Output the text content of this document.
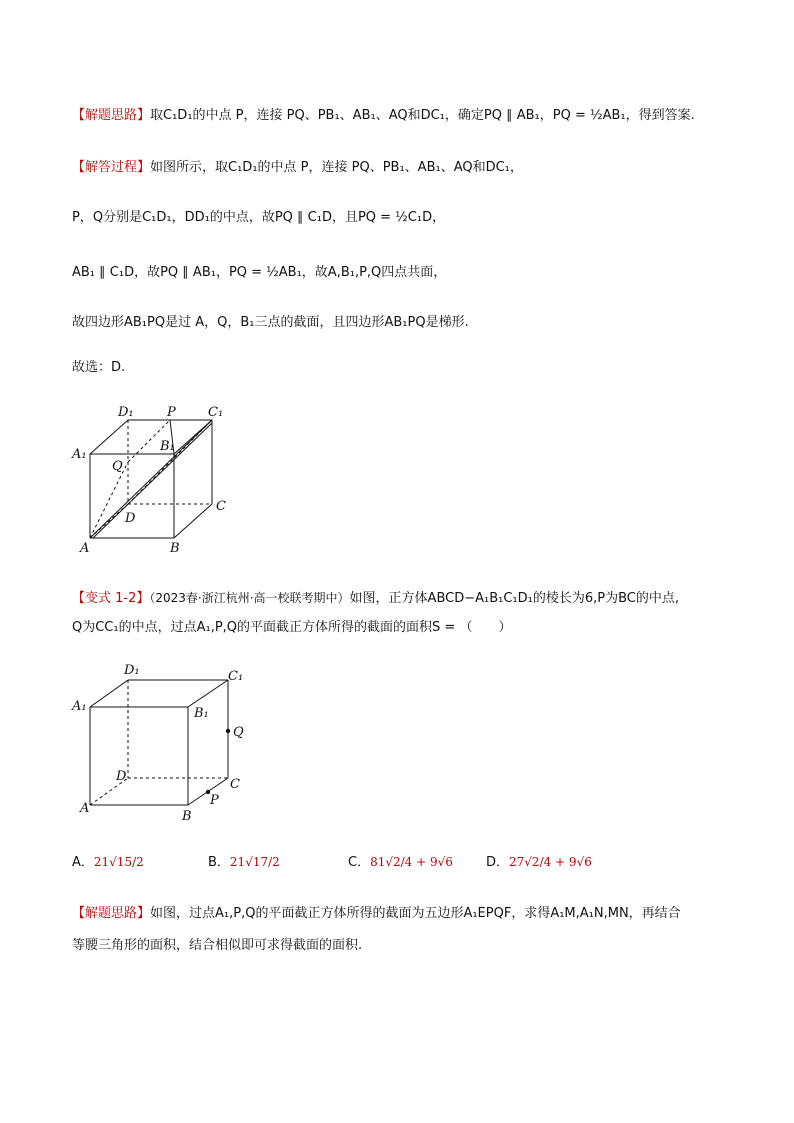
【解题思路】取C₁D₁的中点 P，连接 PQ、PB₁、AB₁、AQ和DC₁，确定PQ ∥ AB₁，PQ = ½AB₁，得到答案.
【解答过程】如图所示，取C₁D₁的中点 P，连接 PQ、PB₁、AB₁、AQ和DC₁，
P，Q分别是C₁D₁，DD₁的中点，故PQ ∥ C₁D，且PQ = ½C₁D，
AB₁ ∥ C₁D，故PQ ∥ AB₁，PQ = ½AB₁，故A,B₁,P,Q四点共面，
故四边形AB₁PQ是过 A，Q，B₁三点的截面，且四边形AB₁PQ是梯形.
故选：D.
D₁	P C₁
A₁
B₁
Q
D
C
A	B
【变式 1-2】（2023春·浙江杭州·高一校联考期中）如图，正方体ABCD−A₁B₁C₁D₁的棱长为6,P为BC的中点,
Q为CC₁的中点，过点A₁,P,Q的平面截正方体所得的截面的面积S = （　　）
D₁	C₁
A₁	B₁
Q
D
C
A
B
P
A．21√15/2	B．21√17/2	C．81√2/4 + 9√6	D．27√2/4 + 9√6
【解题思路】如图，过点A₁,P,Q的平面截正方体所得的截面为五边形A₁EPQF，求得A₁M,A₁N,MN，再结合
等腰三角形的面积，结合相似即可求得截面的面积.
